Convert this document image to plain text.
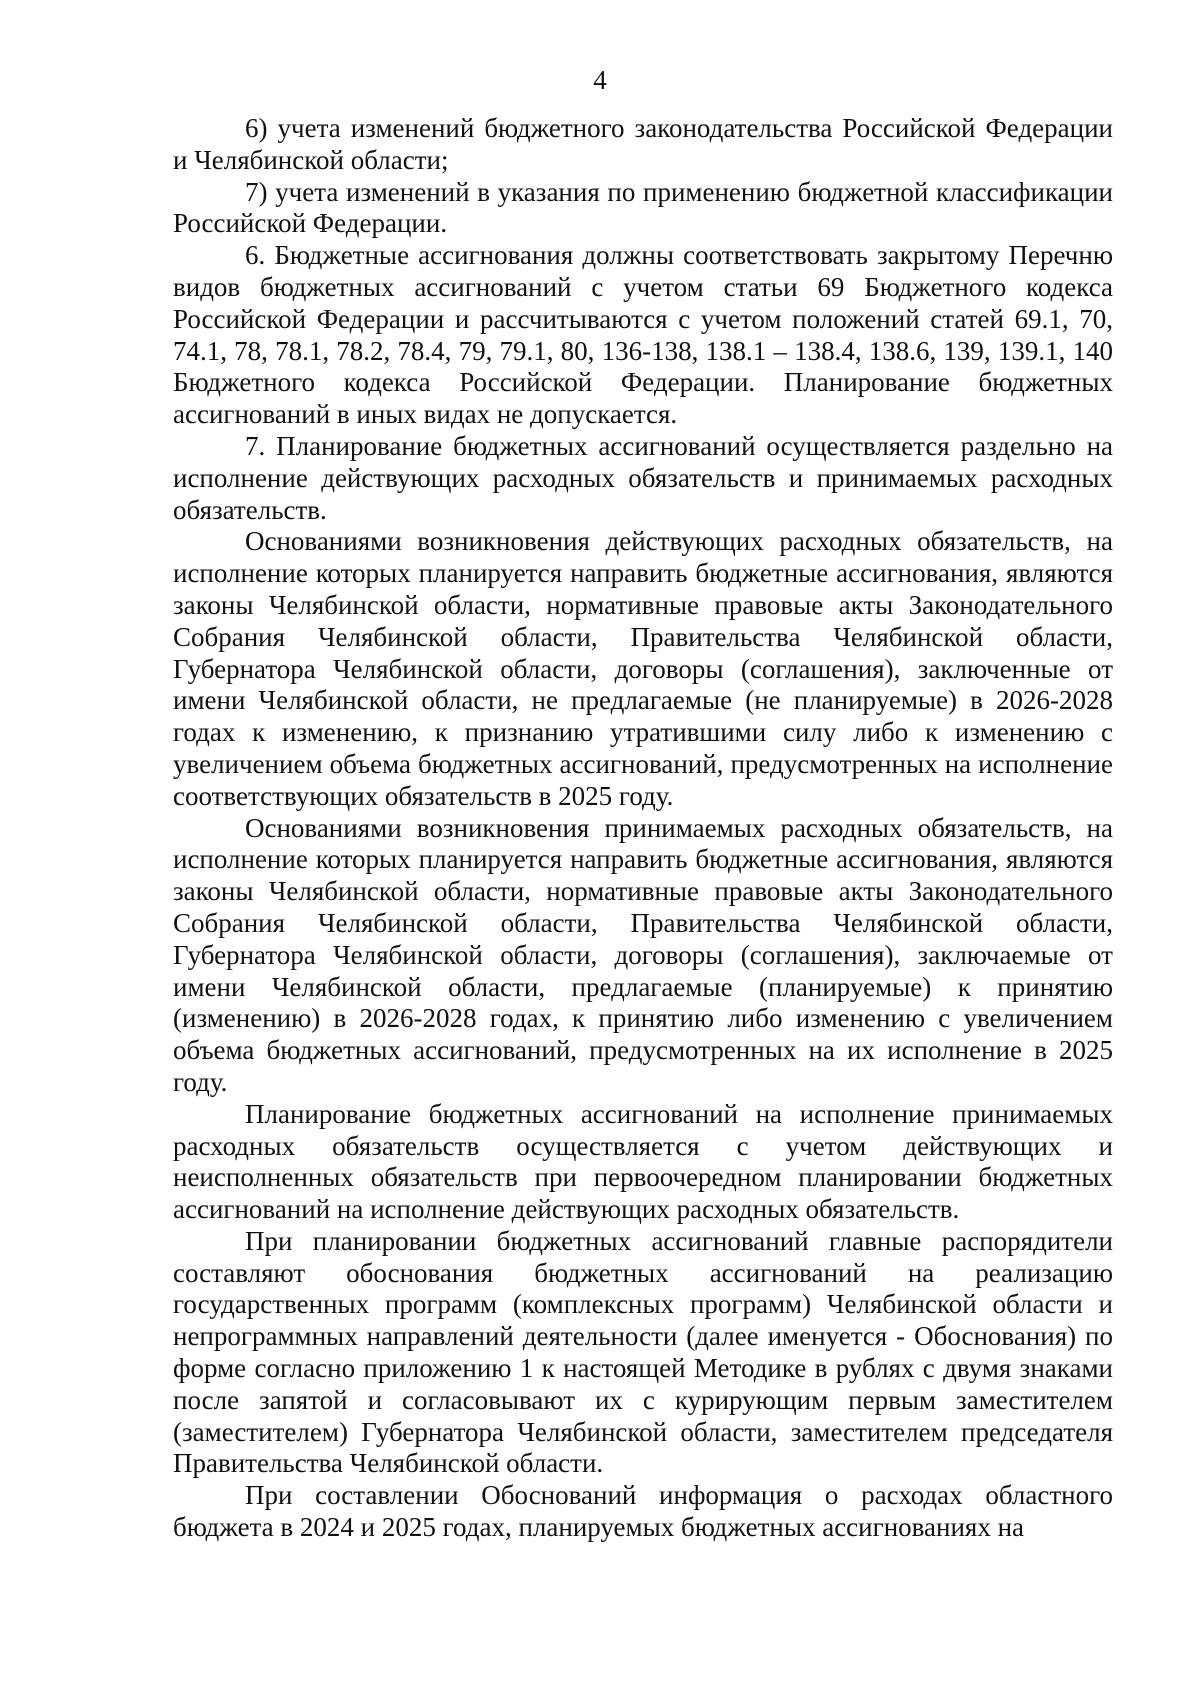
4

6) учета изменений бюджетного законодательства Российской Федерации и Челябинской области;

7) учета изменений в указания по применению бюджетной классификации Российской Федерации.

6. Бюджетные ассигнования должны соответствовать закрытому Перечню видов бюджетных ассигнований с учетом статьи 69 Бюджетного кодекса Российской Федерации и рассчитываются с учетом положений статей 69.1, 70, 74.1, 78, 78.1, 78.2, 78.4, 79, 79.1, 80, 136-138, 138.1 – 138.4, 138.6, 139, 139.1, 140 Бюджетного кодекса Российской Федерации. Планирование бюджетных ассигнований в иных видах не допускается.

7. Планирование бюджетных ассигнований осуществляется раздельно на исполнение действующих расходных обязательств и принимаемых расходных обязательств.

Основаниями возникновения действующих расходных обязательств, на исполнение которых планируется направить бюджетные ассигнования, являются законы Челябинской области, нормативные правовые акты Законодательного Собрания Челябинской области, Правительства Челябинской области, Губернатора Челябинской области, договоры (соглашения), заключенные от имени Челябинской области, не предлагаемые (не планируемые) в 2026-2028 годах к изменению, к признанию утратившими силу либо к изменению с увеличением объема бюджетных ассигнований, предусмотренных на исполнение соответствующих обязательств в 2025 году.

Основаниями возникновения принимаемых расходных обязательств, на исполнение которых планируется направить бюджетные ассигнования, являются законы Челябинской области, нормативные правовые акты Законодательного Собрания Челябинской области, Правительства Челябинской области, Губернатора Челябинской области, договоры (соглашения), заключаемые от имени Челябинской области, предлагаемые (планируемые) к принятию (изменению) в 2026-2028 годах, к принятию либо изменению с увеличением объема бюджетных ассигнований, предусмотренных на их исполнение в 2025 году.

Планирование бюджетных ассигнований на исполнение принимаемых расходных обязательств осуществляется с учетом действующих и неисполненных обязательств при первоочередном планировании бюджетных ассигнований на исполнение действующих расходных обязательств.

При планировании бюджетных ассигнований главные распорядители составляют обоснования бюджетных ассигнований на реализацию государственных программ (комплексных программ) Челябинской области и непрограммных направлений деятельности (далее именуется - Обоснования) по форме согласно приложению 1 к настоящей Методике в рублях с двумя знаками после запятой и согласовывают их с курирующим первым заместителем (заместителем) Губернатора Челябинской области, заместителем председателя Правительства Челябинской области.

При составлении Обоснований информация о расходах областного бюджета в 2024 и 2025 годах, планируемых бюджетных ассигнованиях на
